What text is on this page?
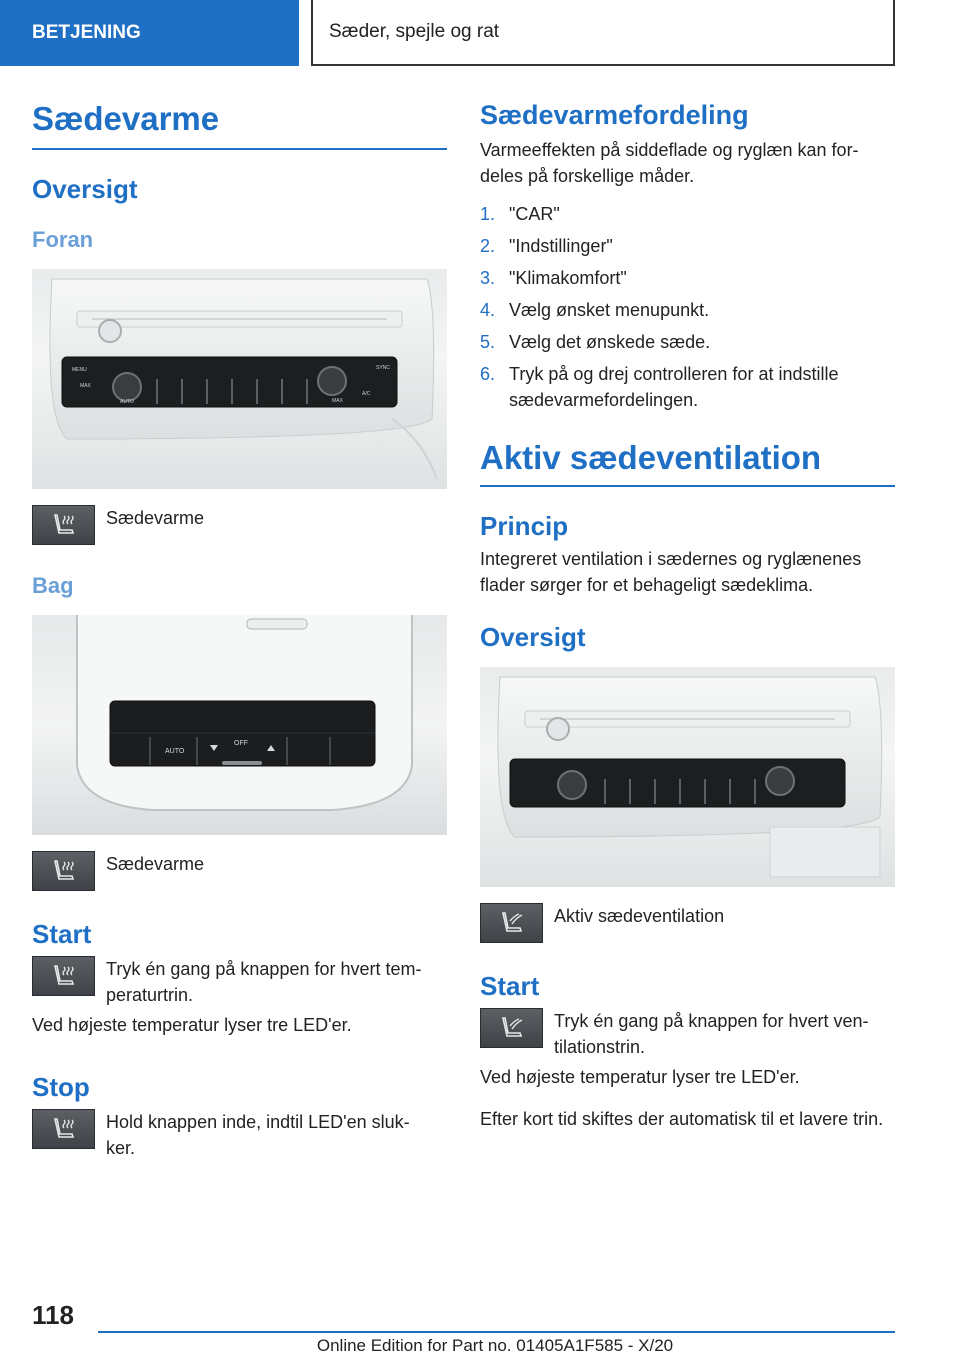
BETJENING	Sæder, spejle og rat
Sædevarme
Oversigt
Foran
MENU
MAX
AUTO
SYNC
MAX
A/C
Sædevarme
Bag
AUTO
OFF
Sædevarme
Start
Tryk én gang på knappen for hvert tem-peraturtrin.

Ved højeste temperatur lyser tre LED'er.

Stop
Hold knappen inde, indtil LED'en sluk-ker.
Sædevarmefordeling

Varmeeffekten på siddeflade og ryglæn kan for-deles på forskellige måder.

1. "CAR"
2. "Indstillinger"
3. "Klimakomfort"
4. Vælg ønsket menupunkt.
5. Vælg det ønskede sæde.
6. Tryk på og drej controlleren for at indstille sædevarmefordelingen.
Aktiv sædeventilation
Princip

Integreret ventilation i sædernes og ryglænenes flader sørger for et behageligt sædeklima.

Oversigt
Aktiv sædeventilation
Start
Tryk én gang på knappen for hvert ven-tilationstrin.

Ved højeste temperatur lyser tre LED'er.

Efter kort tid skiftes der automatisk til et lavere trin.

118
Online Edition for Part no. 01405A1F585 - X/20
